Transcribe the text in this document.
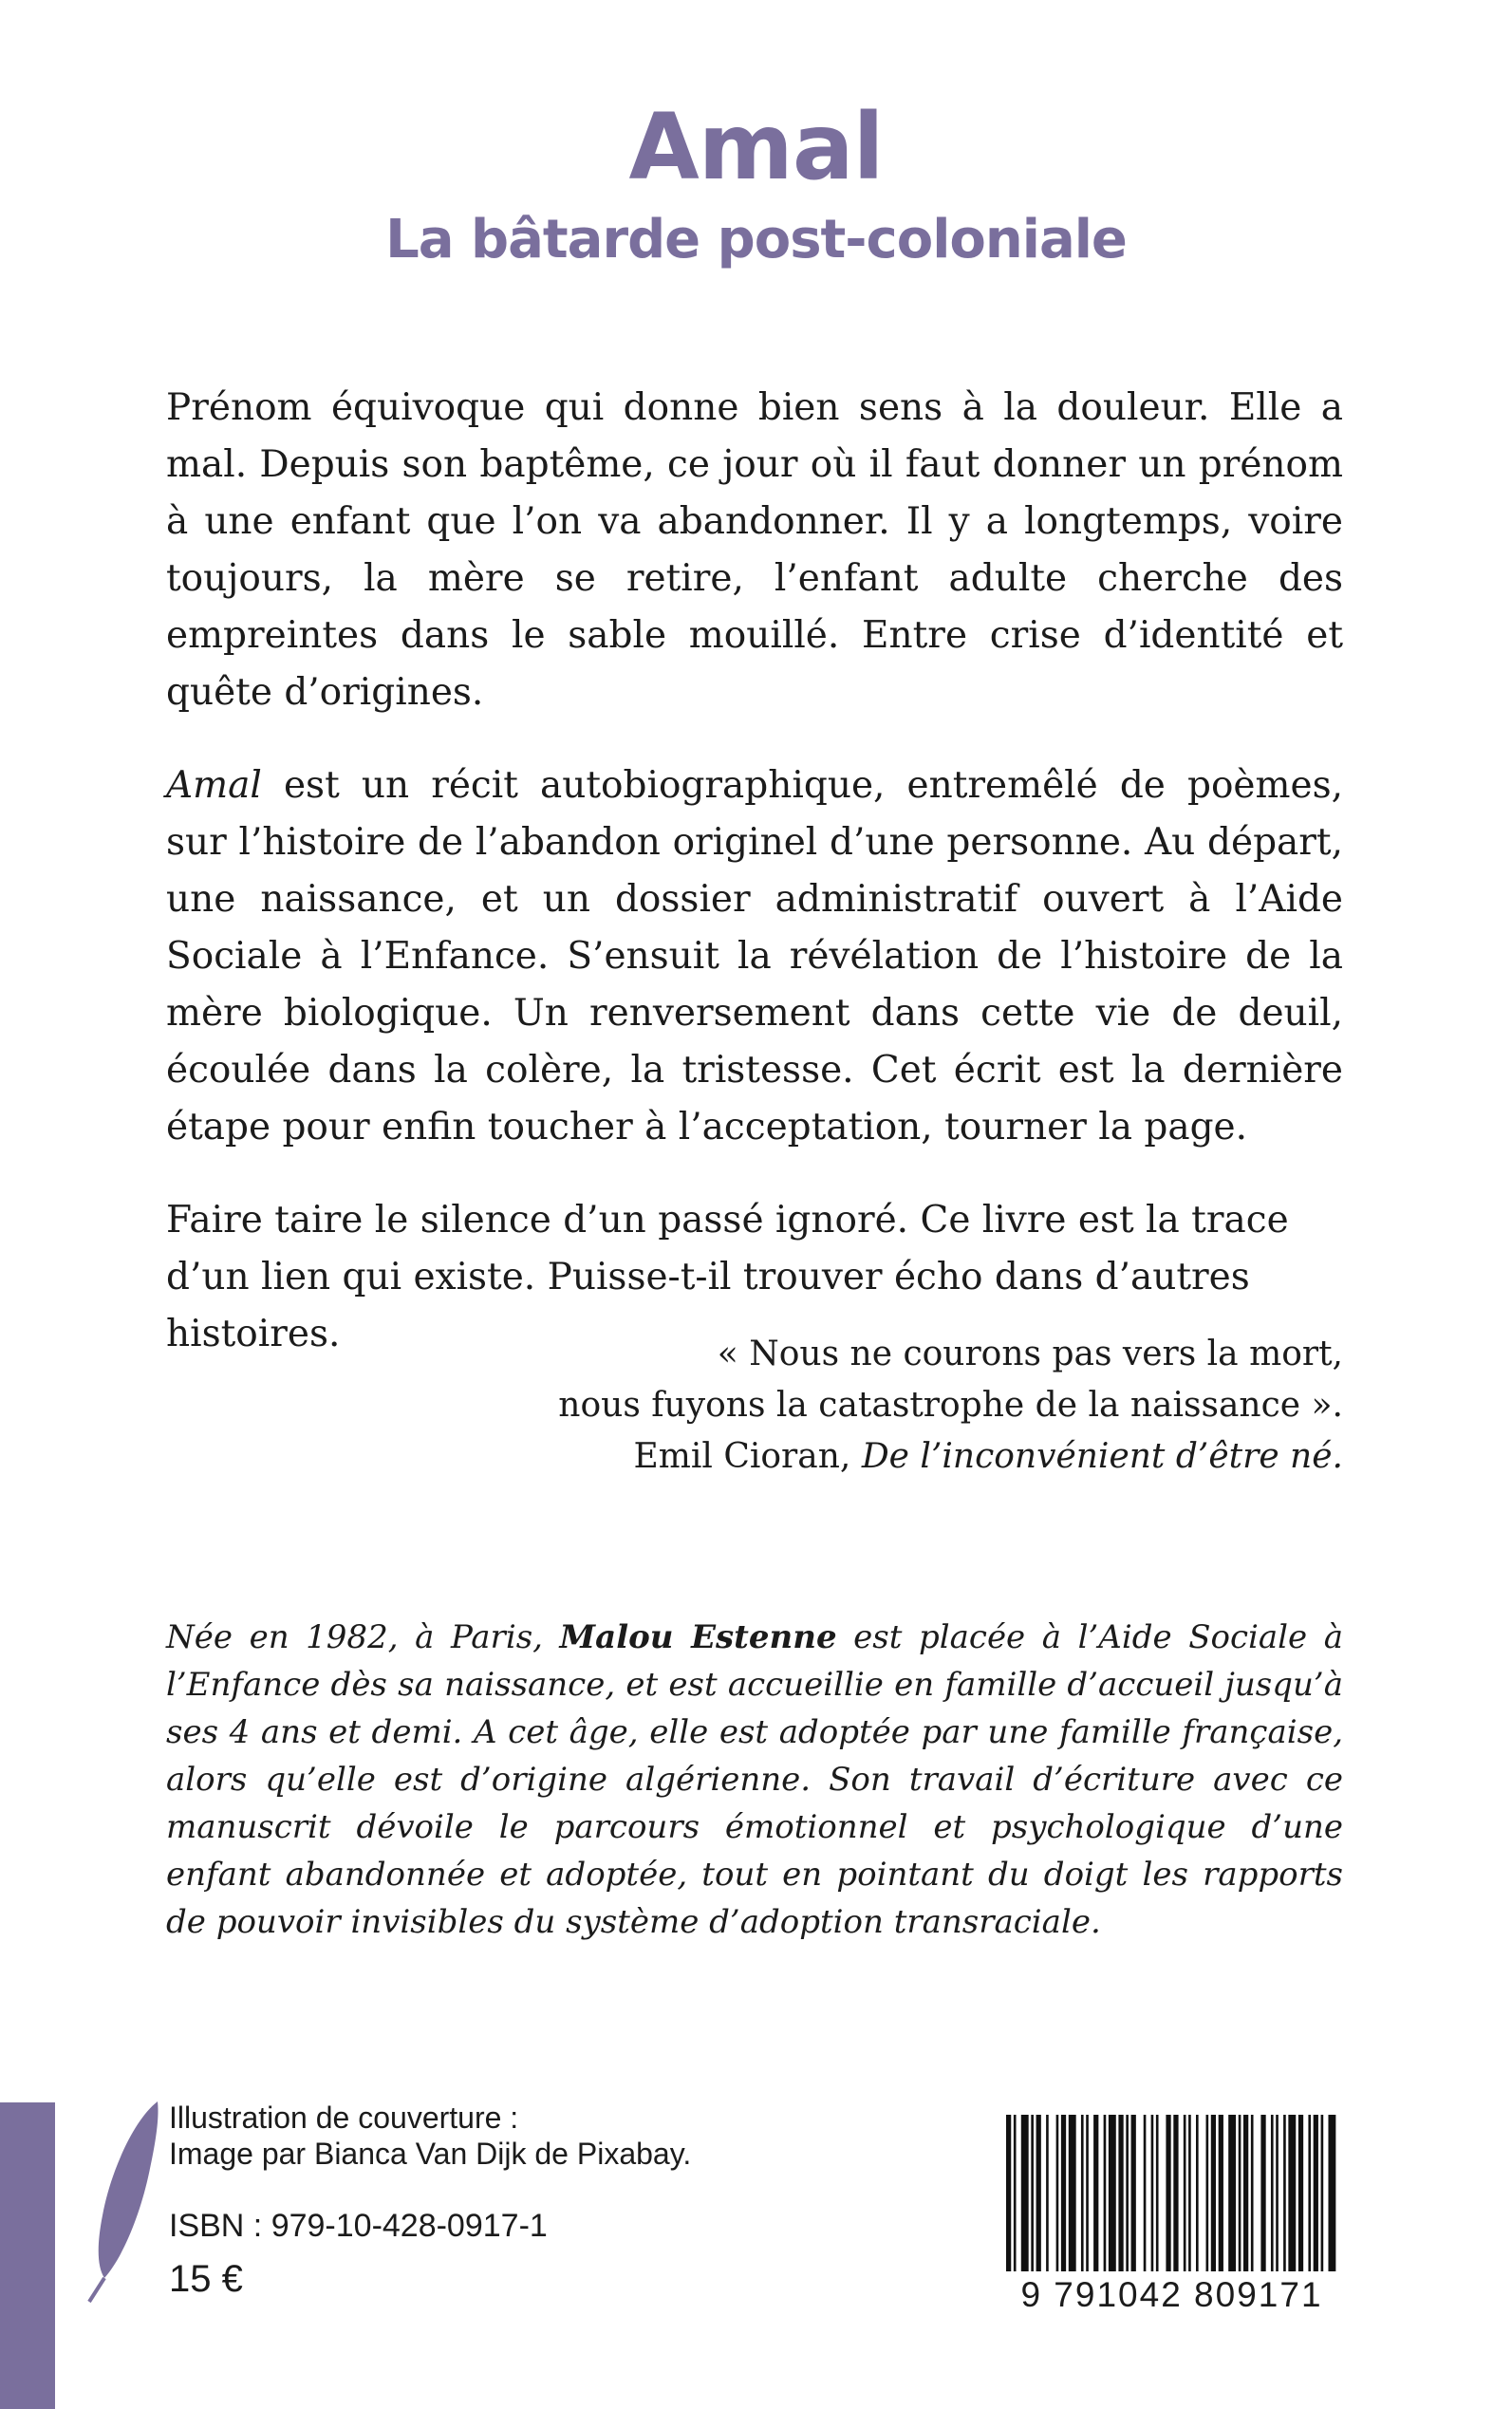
Amal
La bâtarde post-coloniale

Prénom équivoque qui donne bien sens à la douleur. Elle a mal. Depuis son baptême, ce jour où il faut donner un prénom à une enfant que l’on va abandonner. Il y a longtemps, voire toujours, la mère se retire, l’enfant adulte cherche des empreintes dans le sable mouillé. Entre crise d’identité et quête d’origines.

Amal est un récit autobiographique, entremêlé de poèmes, sur l’histoire de l’abandon originel d’une personne. Au départ, une naissance, et un dossier administratif ouvert à l’Aide Sociale à l’Enfance. S’ensuit la révélation de l’histoire de la mère biologique. Un renversement dans cette vie de deuil, écoulée dans la colère, la tristesse. Cet écrit est la dernière étape pour enfin toucher à l’acceptation, tourner la page.

Faire taire le silence d’un passé ignoré. Ce livre est la trace d’un lien qui existe. Puisse-t-il trouver écho dans d’autres histoires.	« Nous ne courons pas vers la mort,
nous fuyons la catastrophe de la naissance ».
Emil Cioran, De l’inconvénient d’être né.

Née en 1982, à Paris, Malou Estenne est placée à l’Aide Sociale à l’Enfance dès sa naissance, et est accueillie en famille d’accueil jusqu’à ses 4 ans et demi. A cet âge, elle est adoptée par une famille française, alors qu’elle est d’origine algérienne. Son travail d’écriture avec ce manuscrit dévoile le parcours émotionnel et psychologique d’une enfant abandonnée et adoptée, tout en pointant du doigt les rapports de pouvoir invisibles du système d’adoption transraciale.

Illustration de couverture :
Image par Bianca Van Dijk de Pixabay.
ISBN : 979-10-428-0917-1
15 €	9 791042 809171
